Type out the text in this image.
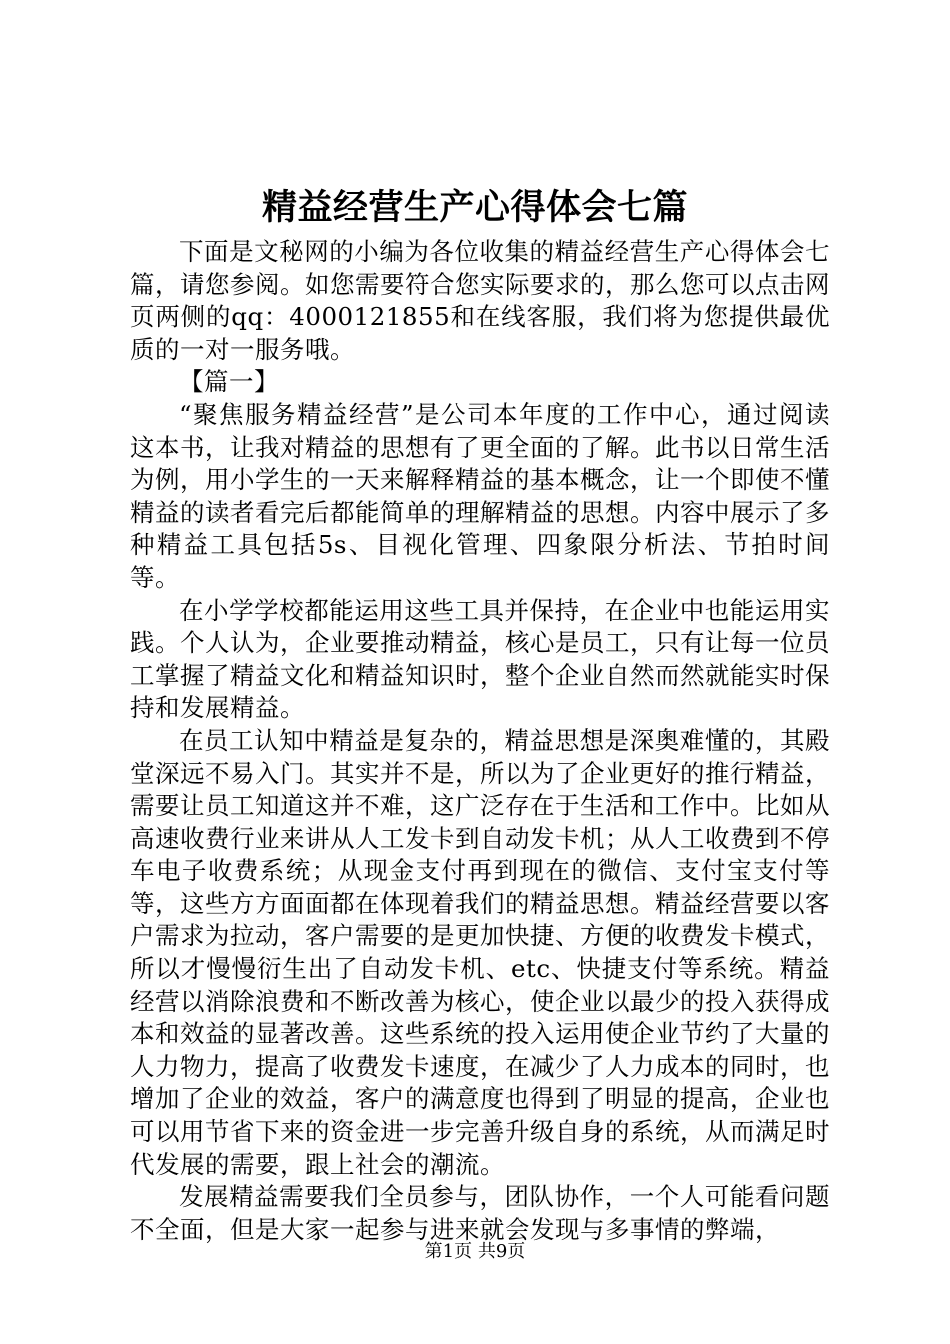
精益经营生产心得体会七篇

下面是文秘网的小编为各位收集的精益经营生产心得体会七篇，请您参阅。如您需要符合您实际要求的，那么您可以点击网页两侧的qq：4000121855和在线客服，我们将为您提供最优质的一对一服务哦。

【篇一】

“聚焦服务精益经营”是公司本年度的工作中心，通过阅读这本书，让我对精益的思想有了更全面的了解。此书以日常生活为例，用小学生的一天来解释精益的基本概念，让一个即使不懂精益的读者看完后都能简单的理解精益的思想。内容中展示了多种精益工具包括5s、目视化管理、四象限分析法、节拍时间等。

在小学学校都能运用这些工具并保持，在企业中也能运用实践。个人认为，企业要推动精益，核心是员工，只有让每一位员工掌握了精益文化和精益知识时，整个企业自然而然就能实时保持和发展精益。

在员工认知中精益是复杂的，精益思想是深奥难懂的，其殿堂深远不易入门。其实并不是，所以为了企业更好的推行精益，需要让员工知道这并不难，这广泛存在于生活和工作中。比如从高速收费行业来讲从人工发卡到自动发卡机；从人工收费到不停车电子收费系统；从现金支付再到现在的微信、支付宝支付等等，这些方方面面都在体现着我们的精益思想。精益经营要以客户需求为拉动，客户需要的是更加快捷、方便的收费发卡模式，所以才慢慢衍生出了自动发卡机、etc、快捷支付等系统。精益经营以消除浪费和不断改善为核心，使企业以最少的投入获得成本和效益的显著改善。这些系统的投入运用使企业节约了大量的人力物力，提高了收费发卡速度，在减少了人力成本的同时，也增加了企业的效益，客户的满意度也得到了明显的提高，企业也可以用节省下来的资金进一步完善升级自身的系统，从而满足时代发展的需要，跟上社会的潮流。

发展精益需要我们全员参与，团队协作，一个人可能看问题不全面，但是大家一起参与进来就会发现与多事情的弊端，

第1页 共9页
